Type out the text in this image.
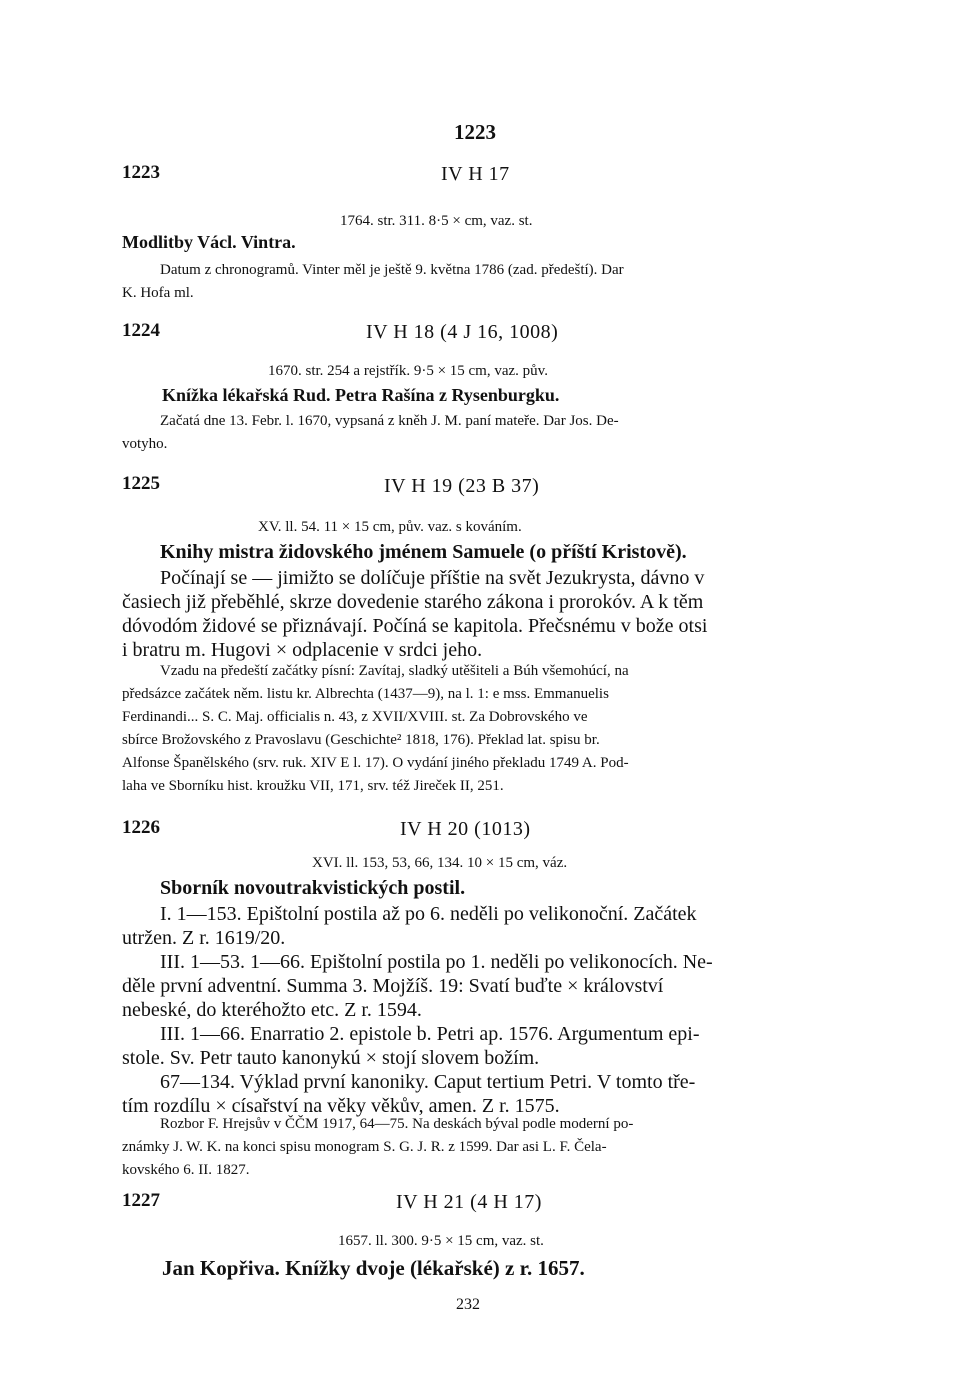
1223
1223	IV H 17
1764. str. 311. 8·5 × cm, vaz. st.
Modlitby Václ. Vintra.
Datum z chronogramů. Vinter měl je ještě 9. května 1786 (zad. předeští). Dar
K. Hofa ml.
1224	IV H 18 (4 J 16, 1008)
1670. str. 254 a rejstřík. 9·5 × 15 cm, vaz. pův.
Knížka lékařská Rud. Petra Rašína z Rysenburgku.
Začatá dne 13. Febr. l. 1670, vypsaná z kněh J. M. paní mateře. Dar Jos. De-
votyho.
1225	IV H 19 (23 B 37)
XV. ll. 54. 11 × 15 cm, pův. vaz. s kováním.
Knihy mistra židovského jménem Samuele (o příští Kristově).
Počínají se — jimižto se dolíčuje příštie na svět Jezukrysta, dávno v
časiech již přeběhlé, skrze dovedenie starého zákona i prorokóv. A k těm
dóvodóm židové se přiznávají. Počíná se kapitola. Přečsnému v bože otsi
i bratru m. Hugovi × odplacenie v srdci jeho.
Vzadu na předeští začátky písní: Zavítaj, sladký utěšiteli a Búh všemohúcí, na
předsázce začátek něm. listu kr. Albrechta (1437—9), na l. 1: e mss. Emmanuelis
Ferdinandi... S. C. Maj. officialis n. 43, z XVII/XVIII. st. Za Dobrovského ve
sbírce Brožovského z Pravoslavu (Geschichte² 1818, 176). Překlad lat. spisu br.
Alfonse Španělského (srv. ruk. XIV E l. 17). O vydání jiného překladu 1749 A. Pod-
laha ve Sborníku hist. kroužku VII, 171, srv. též Jireček II, 251.
1226	IV H 20 (1013)
XVI. ll. 153, 53, 66, 134. 10 × 15 cm, váz.
Sborník novoutrakvistických postil.
I. 1—153. Epištolní postila až po 6. neděli po velikonoční. Začátek
utržen. Z r. 1619/20.
III. 1—53. 1—66. Epištolní postila po 1. neděli po velikonocích. Ne-
děle první adventní. Summa 3. Mojžíš. 19: Svatí buďte × království
nebeské, do kteréhožto etc. Z r. 1594.
III. 1—66. Enarratio 2. epistole b. Petri ap. 1576. Argumentum epi-
stole. Sv. Petr tauto kanonykú × stojí slovem božím.
67—134. Výklad první kanoniky. Caput tertium Petri. V tomto tře-
tím rozdílu × císařství na věky věkův, amen. Z r. 1575.
Rozbor F. Hrejsův v ČČM 1917, 64—75. Na deskách býval podle moderní po-
známky J. W. K. na konci spisu monogram S. G. J. R. z 1599. Dar asi L. F. Čela-
kovského 6. II. 1827.
1227	IV H 21 (4 H 17)
1657. ll. 300. 9·5 × 15 cm, vaz. st.
Jan Kopřiva. Knížky dvoje (lékařské) z r. 1657.
232
